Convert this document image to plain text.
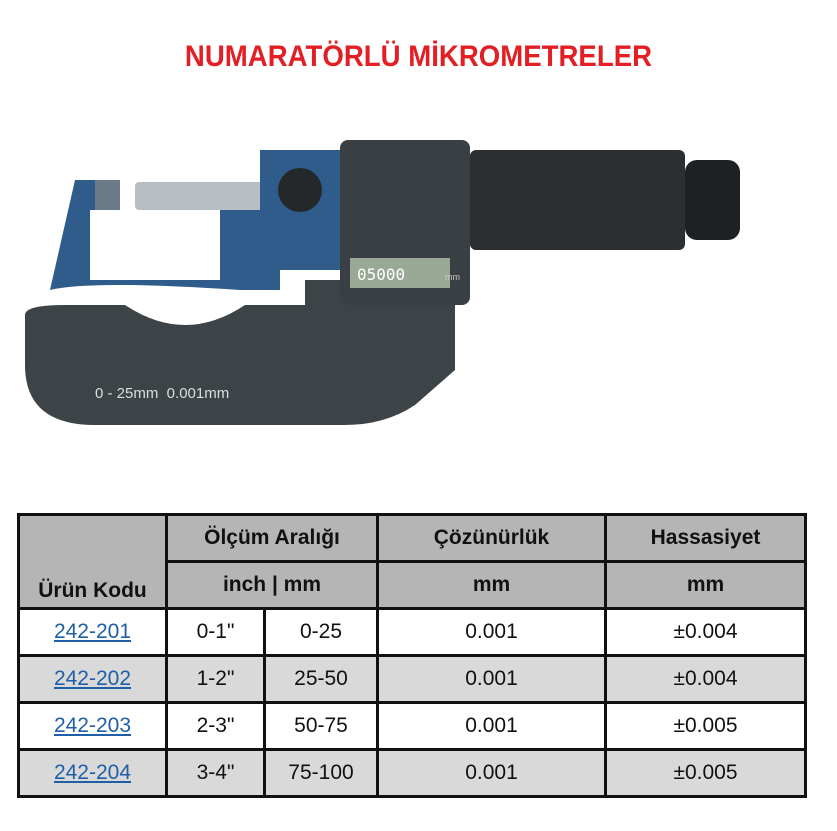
NUMARATÖRLÜ MİKROMETRELER
05000	mm
0 - 25mm  0.001mm
Ürün Kodu	Ölçüm Aralığı		Çözünürlük	Hassasiyet
	inch | mm		mm	mm
242-201	0-1"	0-25	0.001	±0.004
242-202	1-2"	25-50	0.001	±0.004
242-203	2-3"	50-75	0.001	±0.005
242-204	3-4"	75-100	0.001	±0.005
